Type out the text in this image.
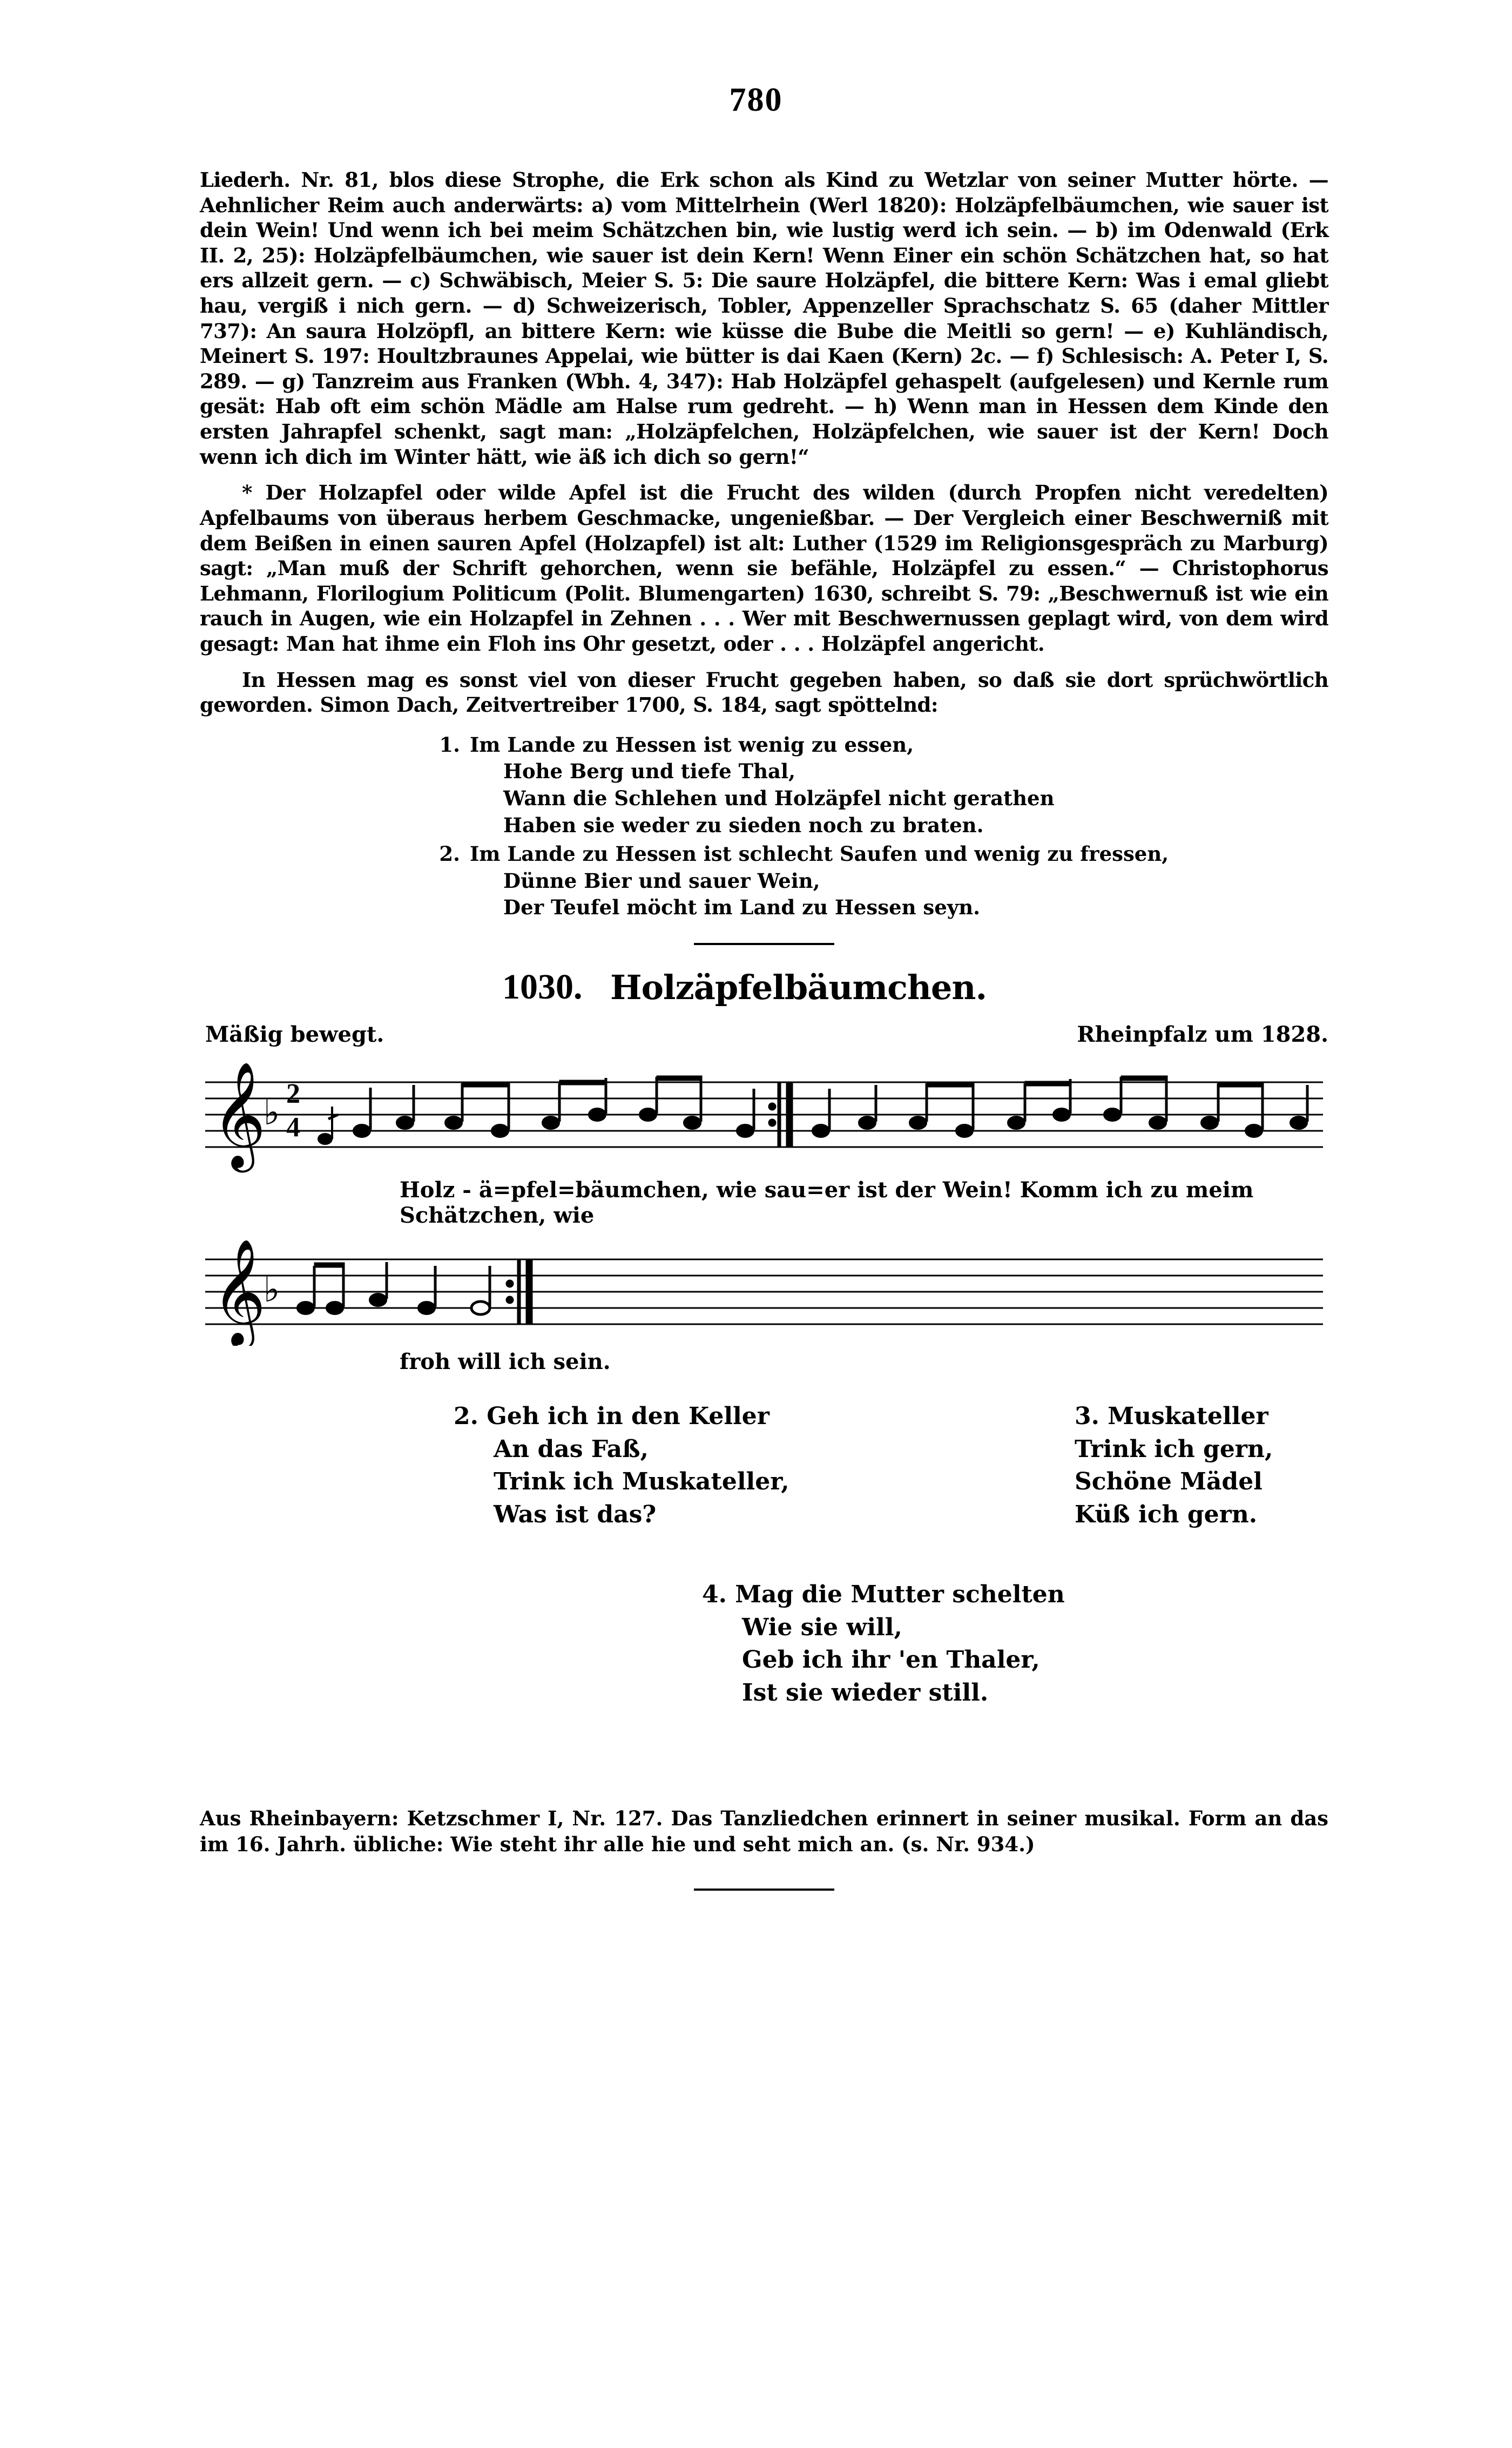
780

Liederh. Nr. 81, blos diese Strophe, die Erk schon als Kind zu Wetzlar von seiner Mutter hörte. — Aehnlicher Reim auch anderwärts: a) vom Mittelrhein (Werl 1820): Holzäpfelbäumchen, wie sauer ist dein Wein! Und wenn ich bei meim Schätzchen bin, wie lustig werd ich sein. — b) im Odenwald (Erk II. 2, 25): Holzäpfelbäumchen, wie sauer ist dein Kern! Wenn Einer ein schön Schätzchen hat, so hat ers allzeit gern. — c) Schwäbisch, Meier S. 5: Die saure Holzäpfel, die bittere Kern: Was i emal gliebt hau, vergiß i nich gern. — d) Schweizerisch, Tobler, Appenzeller Sprachschatz S. 65 (daher Mittler 737): An saura Holzöpfl, an bittere Kern: wie küsse die Bube die Meitli so gern! — e) Kuhländisch, Meinert S. 197: Houltzbraunes Appelai, wie bütter is dai Kaen (Kern) 2c. — f) Schlesisch: A. Peter I, S. 289. — g) Tanzreim aus Franken (Wbh. 4, 347): Hab Holzäpfel gehaspelt (aufgelesen) und Kernle rum gesät: Hab oft eim schön Mädle am Halse rum gedreht. — h) Wenn man in Hessen dem Kinde den ersten Jahrapfel schenkt, sagt man: „Holzäpfelchen, Holzäpfelchen, wie sauer ist der Kern! Doch wenn ich dich im Winter hätt, wie äß ich dich so gern!“

* Der Holzapfel oder wilde Apfel ist die Frucht des wilden (durch Propfen nicht veredelten) Apfelbaums von überaus herbem Geschmacke, ungenießbar. — Der Vergleich einer Beschwerniß mit dem Beißen in einen sauren Apfel (Holzapfel) ist alt: Luther (1529 im Religionsgespräch zu Marburg) sagt: „Man muß der Schrift gehorchen, wenn sie befähle, Holzäpfel zu essen.“ — Christophorus Lehmann, Florilogium Politicum (Polit. Blumengarten) 1630, schreibt S. 79: „Beschwernuß ist wie ein rauch in Augen, wie ein Holzapfel in Zehnen . . . Wer mit Beschwernussen geplagt wird, von dem wird gesagt: Man hat ihme ein Floh ins Ohr gesetzt, oder . . . Holzäpfel angericht.

In Hessen mag es sonst viel von dieser Frucht gegeben haben, so daß sie dort sprüchwörtlich geworden. Simon Dach, Zeitvertreiber 1700, S. 184, sagt spöttelnd:

1. Im Lande zu Hessen ist wenig zu essen,
Hohe Berg und tiefe Thal,
Wann die Schlehen und Holzäpfel nicht gerathen
Haben sie weder zu sieden noch zu braten.
2. Im Lande zu Hessen ist schlecht Saufen und wenig zu fressen,
Dünne Bier und sauer Wein,
Der Teufel möcht im Land zu Hessen seyn.
1030. Holzäpfelbäumchen.
Mäßig bewegt.	Rheinpfalz um 1828.
𝄞
♭ 2
4
Holz - ä=pfel=bäumchen, wie sau=er ist der Wein! Komm ich zu meim Schätzchen, wie
𝄞
♭
froh will ich sein.
2. Geh ich in den Keller
An das Faß,
Trink ich Muskateller,
Was ist das?
3. Muskateller
Trink ich gern,
Schöne Mädel
Küß ich gern.
4. Mag die Mutter schelten
Wie sie will,
Geb ich ihr 'en Thaler,
Ist sie wieder still.
Aus Rheinbayern: Ketzschmer I, Nr. 127. Das Tanzliedchen erinnert in seiner musikal. Form an das im 16. Jahrh. übliche: Wie steht ihr alle hie und seht mich an. (s. Nr. 934.)
